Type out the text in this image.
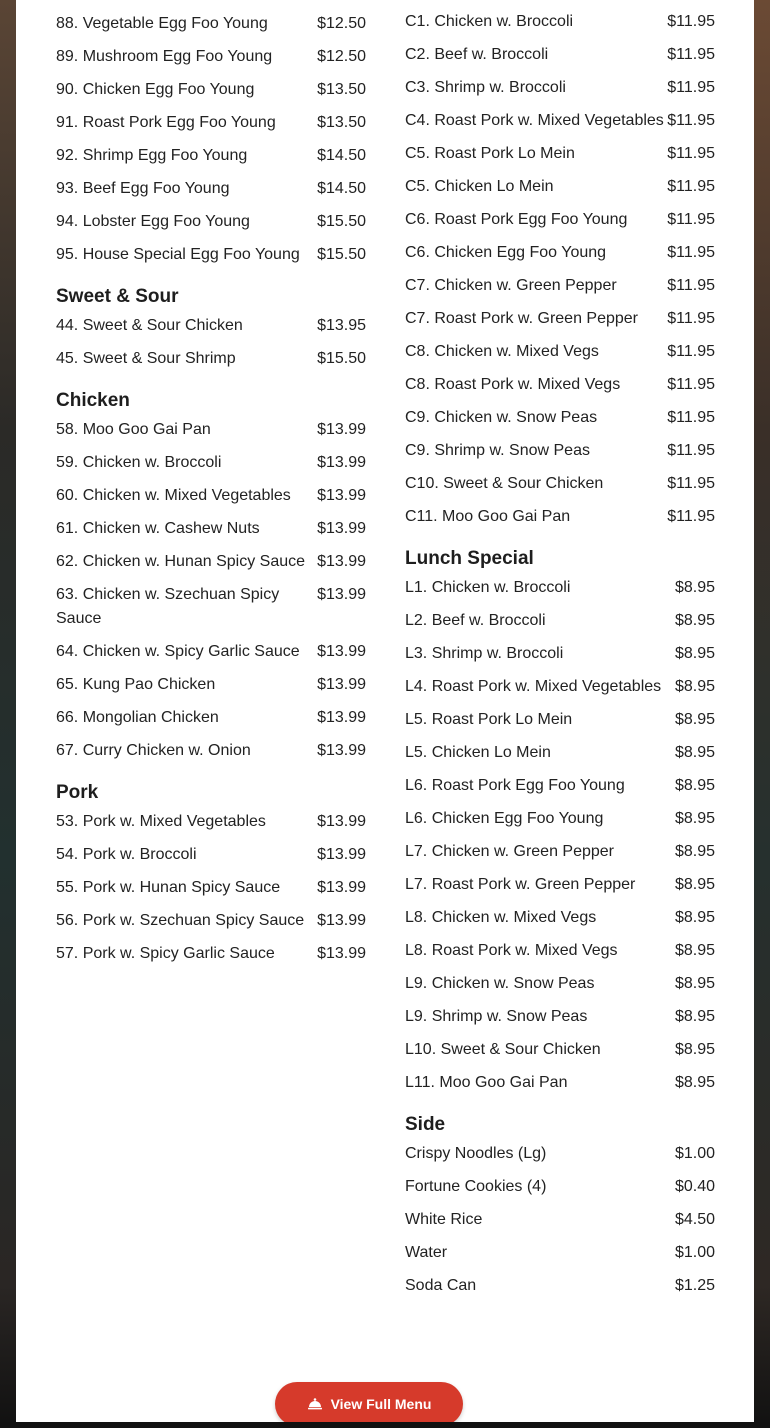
88. Vegetable Egg Foo Young	$12.50
89. Mushroom Egg Foo Young	$12.50
90. Chicken Egg Foo Young	$13.50
91. Roast Pork Egg Foo Young	$13.50
92. Shrimp Egg Foo Young	$14.50
93. Beef Egg Foo Young	$14.50
94. Lobster Egg Foo Young	$15.50
95. House Special Egg Foo Young	$15.50
Sweet & Sour
44. Sweet & Sour Chicken	$13.95
45. Sweet & Sour Shrimp	$15.50
Chicken
58. Moo Goo Gai Pan	$13.99
59. Chicken w. Broccoli	$13.99
60. Chicken w. Mixed Vegetables	$13.99
61. Chicken w. Cashew Nuts	$13.99
62. Chicken w. Hunan Spicy Sauce $13.99
63. Chicken w. Szechuan Spicy Sauce
$13.99
64. Chicken w. Spicy Garlic Sauce	$13.99
65. Kung Pao Chicken	$13.99
66. Mongolian Chicken	$13.99
67. Curry Chicken w. Onion	$13.99
Pork
53. Pork w. Mixed Vegetables	$13.99
54. Pork w. Broccoli	$13.99
55. Pork w. Hunan Spicy Sauce	$13.99
56. Pork w. Szechuan Spicy Sauce $13.99
57. Pork w. Spicy Garlic Sauce	$13.99
C1. Chicken w. Broccoli	$11.95
C2. Beef w. Broccoli	$11.95
C3. Shrimp w. Broccoli	$11.95
C4. Roast Pork w. Mixed Vegetables $11.95
C5. Roast Pork Lo Mein	$11.95
C5. Chicken Lo Mein	$11.95
C6. Roast Pork Egg Foo Young	$11.95
C6. Chicken Egg Foo Young	$11.95
C7. Chicken w. Green Pepper	$11.95
C7. Roast Pork w. Green Pepper	$11.95
C8. Chicken w. Mixed Vegs	$11.95
C8. Roast Pork w. Mixed Vegs	$11.95
C9. Chicken w. Snow Peas	$11.95
C9. Shrimp w. Snow Peas	$11.95
C10. Sweet & Sour Chicken	$11.95
C11. Moo Goo Gai Pan	$11.95
Lunch Special
L1. Chicken w. Broccoli	$8.95
L2. Beef w. Broccoli	$8.95
L3. Shrimp w. Broccoli	$8.95
L4. Roast Pork w. Mixed Vegetables $8.95
L5. Roast Pork Lo Mein	$8.95
L5. Chicken Lo Mein	$8.95
L6. Roast Pork Egg Foo Young	$8.95
L6. Chicken Egg Foo Young	$8.95
L7. Chicken w. Green Pepper	$8.95
L7. Roast Pork w. Green Pepper	$8.95
L8. Chicken w. Mixed Vegs	$8.95
L8. Roast Pork w. Mixed Vegs	$8.95
L9. Chicken w. Snow Peas	$8.95
L9. Shrimp w. Snow Peas	$8.95
L10. Sweet & Sour Chicken	$8.95
L11. Moo Goo Gai Pan	$8.95
Side
Crispy Noodles (Lg)	$1.00
Fortune Cookies (4)	$0.40
White Rice	$4.50
Water	$1.00
Soda Can	$1.25
View Full Menu
